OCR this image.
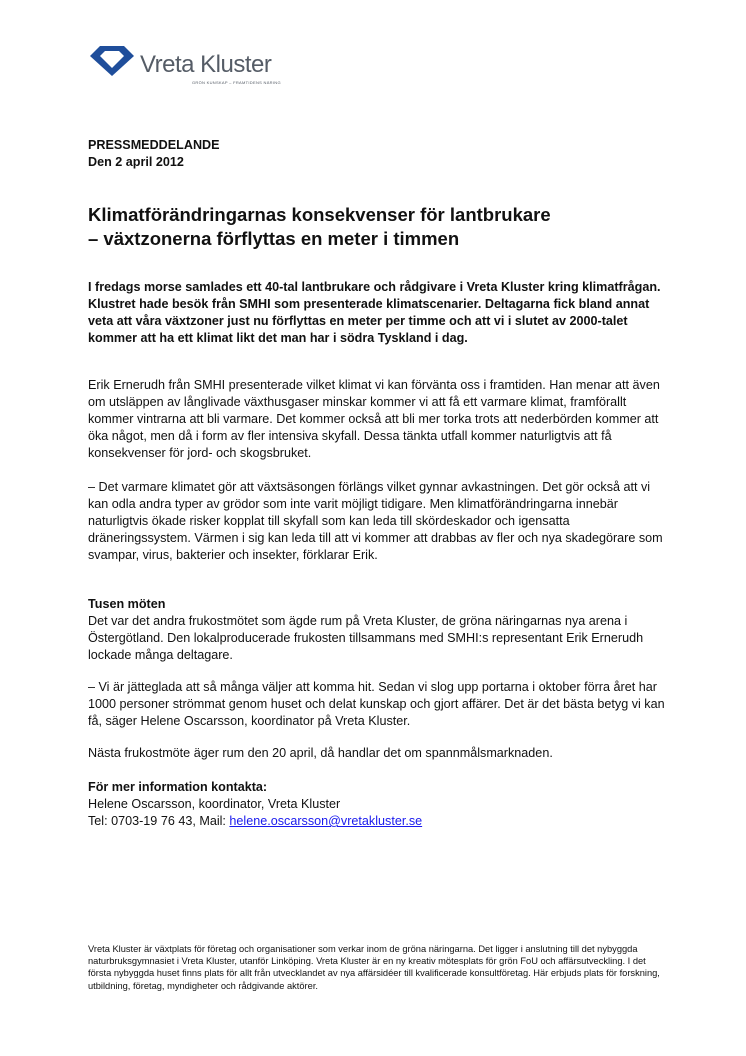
Vreta Kluster
GRÖN KUNSKAP – FRAMTIDENS NÄRING
PRESSMEDDELANDE
Den 2 april 2012
Klimatförändringarnas konsekvenser för lantbrukare
– växtzonerna förflyttas en meter i timmen
I fredags morse samlades ett 40-tal lantbrukare och rådgivare i Vreta Kluster kring klimatfrågan. Klustret hade besök från SMHI som presenterade klimatscenarier. Deltagarna fick bland annat veta att våra växtzoner just nu förflyttas en meter per timme och att vi i slutet av 2000-talet kommer att ha ett klimat likt det man har i södra Tyskland i dag.
Erik Ernerudh från SMHI presenterade vilket klimat vi kan förvänta oss i framtiden. Han menar att även om utsläppen av långlivade växthusgaser minskar kommer vi att få ett varmare klimat, framförallt kommer vintrarna att bli varmare. Det kommer också att bli mer torka trots att nederbörden kommer att öka något, men då i form av fler intensiva skyfall. Dessa tänkta utfall kommer naturligtvis att få konsekvenser för jord- och skogsbruket.
– Det varmare klimatet gör att växtsäsongen förlängs vilket gynnar avkastningen. Det gör också att vi kan odla andra typer av grödor som inte varit möjligt tidigare. Men klimatförändringarna innebär naturligtvis ökade risker kopplat till skyfall som kan leda till skördeskador och igensatta dräneringssystem. Värmen i sig kan leda till att vi kommer att drabbas av fler och nya skadegörare som svampar, virus, bakterier och insekter, förklarar Erik.
Tusen möten
Det var det andra frukostmötet som ägde rum på Vreta Kluster, de gröna näringarnas nya arena i Östergötland. Den lokalproducerade frukosten tillsammans med SMHI:s representant Erik Ernerudh lockade många deltagare.
– Vi är jätteglada att så många väljer att komma hit. Sedan vi slog upp portarna i oktober förra året har 1000 personer strömmat genom huset och delat kunskap och gjort affärer. Det är det bästa betyg vi kan få, säger Helene Oscarsson, koordinator på Vreta Kluster.
Nästa frukostmöte äger rum den 20 april, då handlar det om spannmålsmarknaden.
För mer information kontakta:
Helene Oscarsson, koordinator, Vreta Kluster
Tel: 0703-19 76 43, Mail: helene.oscarsson@vretakluster.se
Vreta Kluster är växtplats för företag och organisationer som verkar inom de gröna näringarna. Det ligger i anslutning till det nybyggda naturbruksgymnasiet i Vreta Kluster, utanför Linköping. Vreta Kluster är en ny kreativ mötesplats för grön FoU och affärsutveckling. I det första nybyggda huset finns plats för allt från utvecklandet av nya affärsidéer till kvalificerade konsultföretag. Här erbjuds plats för forskning, utbildning, företag, myndigheter och rådgivande aktörer.
